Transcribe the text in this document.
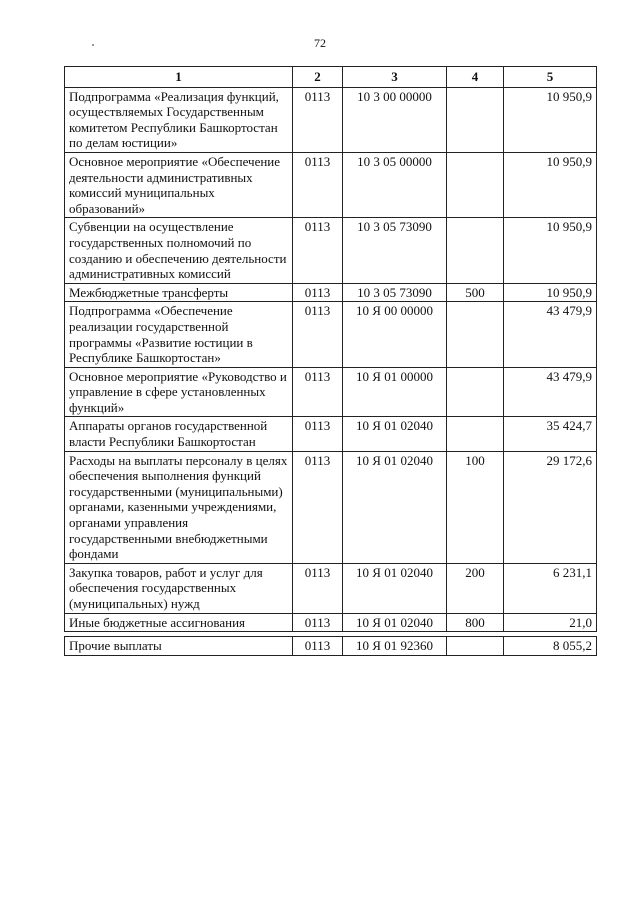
72
1	2	3	4	5
Подпрограмма «Реализация функций, осуществляемых Государственным комитетом Республики Башкортостан по делам юстиции»	0113	10 3 00 00000		10 950,9
Основное мероприятие «Обеспечение деятельности административных комиссий муниципальных образований»	0113	10 3 05 00000		10 950,9
Субвенции на осуществление государственных полномочий по созданию и обеспечению деятельности административных комиссий	0113	10 3 05 73090		10 950,9
Межбюджетные трансферты	0113	10 3 05 73090	500	10 950,9
Подпрограмма «Обеспечение реализации государственной программы «Развитие юстиции в Республике Башкортостан»	0113	10 Я 00 00000		43 479,9
Основное мероприятие «Руководство и управление в сфере установленных функций»	0113	10 Я 01 00000		43 479,9
Аппараты органов государственной власти Республики Башкортостан	0113	10 Я 01 02040		35 424,7
Расходы на выплаты персоналу в целях обеспечения выполнения функций государственными (муниципальными) органами, казенными учреждениями, органами управления государственными внебюджетными фондами	0113	10 Я 01 02040	100	29 172,6
Закупка товаров, работ и услуг для обеспечения государственных (муниципальных) нужд	0113	10 Я 01 02040	200	6 231,1
Иные бюджетные ассигнования	0113	10 Я 01 02040	800	21,0

Прочие выплаты	0113	10 Я 01 92360		8 055,2
